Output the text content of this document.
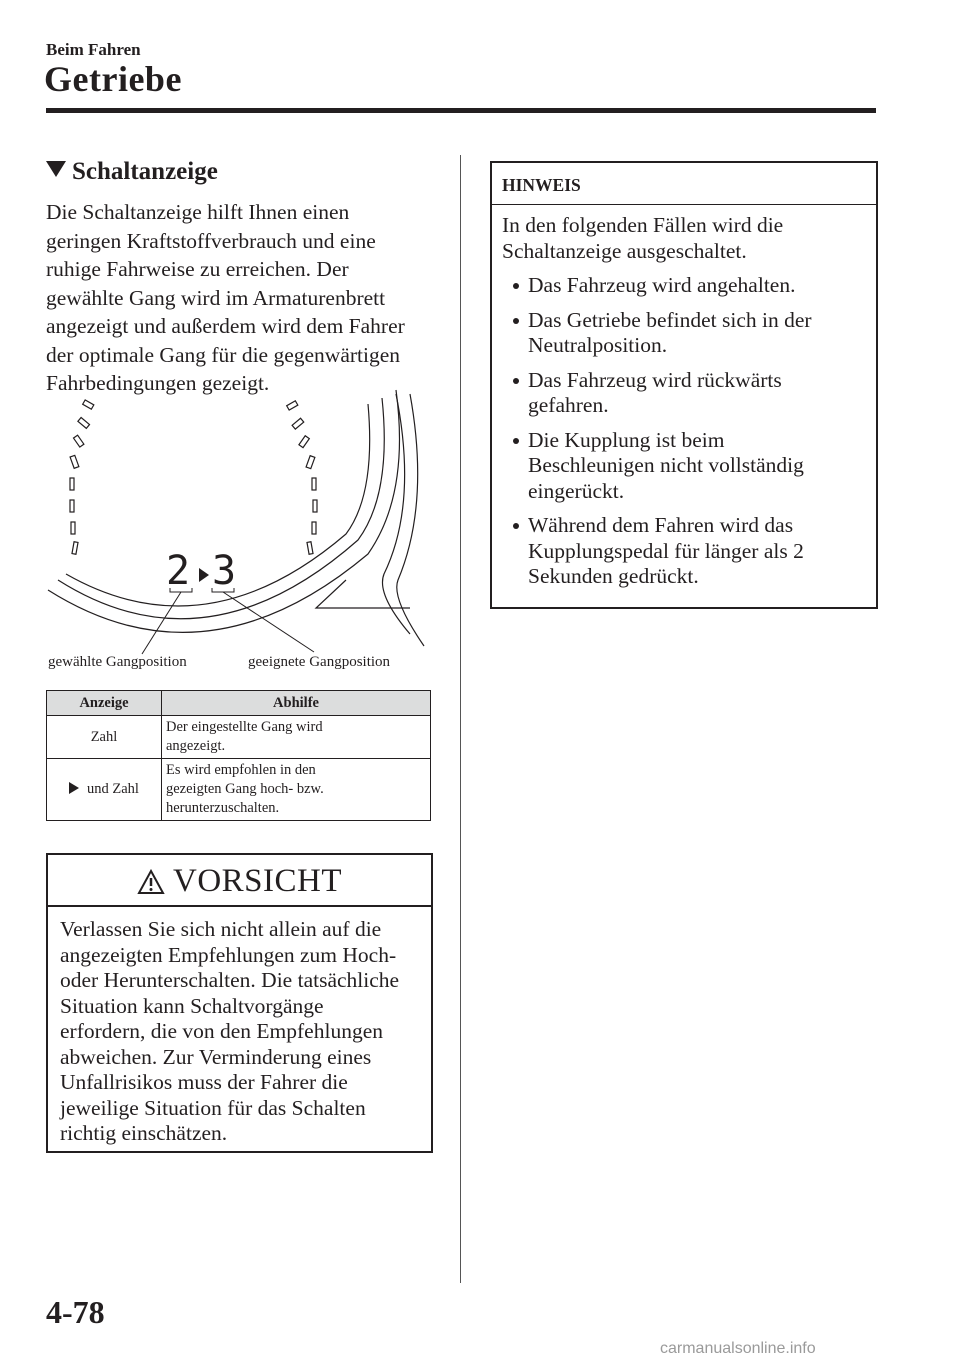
Beim Fahren
Getriebe
Schaltanzeige
Die Schaltanzeige hilft Ihnen einen
geringen Kraftstoffverbrauch und eine
ruhige Fahrweise zu erreichen. Der
gewählte Gang wird im Armaturenbrett
angezeigt und außerdem wird dem Fahrer
der optimale Gang für die gegenwärtigen
Fahrbedingungen gezeigt.
2 3
gewählte Gangposition	geeignete Gangposition
Anzeige	Abhilfe
Zahl	Der eingestellte Gang wird
angezeigt.
und Zahl	Es wird empfohlen in den
gezeigten Gang hoch- bzw.
herunterzuschalten.
VORSICHT
Verlassen Sie sich nicht allein auf die
angezeigten Empfehlungen zum Hoch-
oder Herunterschalten. Die tatsächliche
Situation kann Schaltvorgänge
erfordern, die von den Empfehlungen
abweichen. Zur Verminderung eines
Unfallrisikos muss der Fahrer die
jeweilige Situation für das Schalten
richtig einschätzen.
HINWEIS
In den folgenden Fällen wird die
Schaltanzeige ausgeschaltet.
Das Fahrzeug wird angehalten.
Das Getriebe befindet sich in der
Neutralposition.
Das Fahrzeug wird rückwärts
gefahren.
Die Kupplung ist beim
Beschleunigen nicht vollständig
eingerückt.
Während dem Fahren wird das
Kupplungspedal für länger als 2
Sekunden gedrückt.
4-78
carmanualsonline.info
